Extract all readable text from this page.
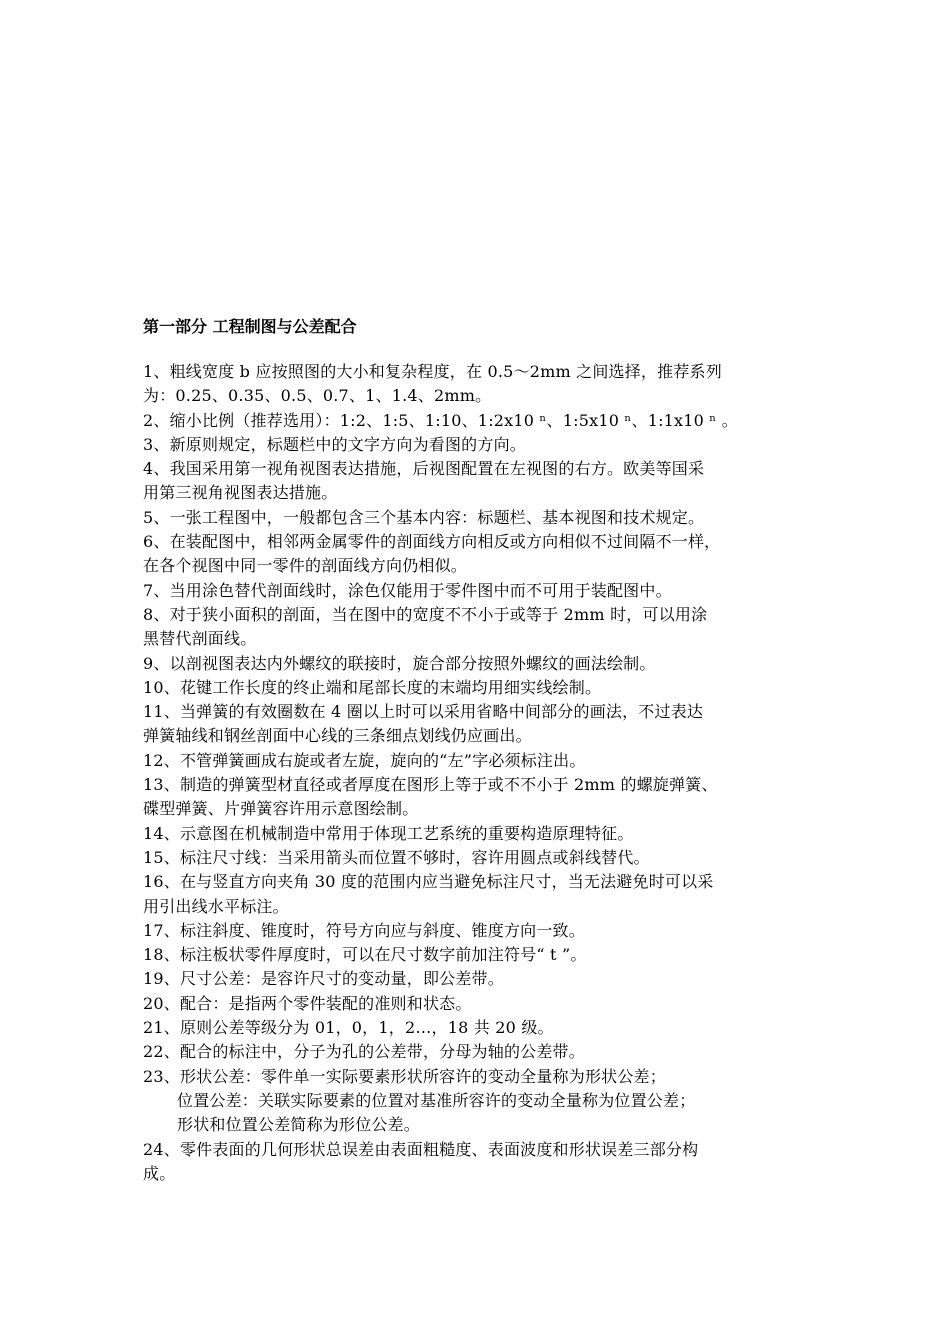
第一部分 工程制图与公差配合
1、粗线宽度 b 应按照图的大小和复杂程度，在 0.5～2mm 之间选择，推荐系列
为：0.25、0.35、0.5、0.7、1、1.4、2mm。
2、缩小比例（推荐选用）：1:2、1:5、1:10、1:2x10 ⁿ、1:5x10 ⁿ、1:1x10 ⁿ 。
3、新原则规定，标题栏中的文字方向为看图的方向。
4、我国采用第一视角视图表达措施，后视图配置在左视图的右方。欧美等国采
用第三视角视图表达措施。
5、一张工程图中，一般都包含三个基本内容：标题栏、基本视图和技术规定。
6、在装配图中，相邻两金属零件的剖面线方向相反或方向相似不过间隔不一样，
在各个视图中同一零件的剖面线方向仍相似。
7、当用涂色替代剖面线时，涂色仅能用于零件图中而不可用于装配图中。
8、对于狭小面积的剖面，当在图中的宽度不不小于或等于 2mm 时，可以用涂
黑替代剖面线。
9、以剖视图表达内外螺纹的联接时，旋合部分按照外螺纹的画法绘制。
10、花键工作长度的终止端和尾部长度的末端均用细实线绘制。
11、当弹簧的有效圈数在 4 圈以上时可以采用省略中间部分的画法，不过表达
弹簧轴线和钢丝剖面中心线的三条细点划线仍应画出。
12、不管弹簧画成右旋或者左旋，旋向的“左”字必须标注出。
13、制造的弹簧型材直径或者厚度在图形上等于或不不小于 2mm 的螺旋弹簧、
碟型弹簧、片弹簧容许用示意图绘制。
14、示意图在机械制造中常用于体现工艺系统的重要构造原理特征。
15、标注尺寸线：当采用箭头而位置不够时，容许用圆点或斜线替代。
16、在与竖直方向夹角 30 度的范围内应当避免标注尺寸，当无法避免时可以采
用引出线水平标注。
17、标注斜度、锥度时，符号方向应与斜度、锥度方向一致。
18、标注板状零件厚度时，可以在尺寸数字前加注符号“ t ”。
19、尺寸公差：是容许尺寸的变动量，即公差带。
20、配合：是指两个零件装配的准则和状态。
21、原则公差等级分为 01，0，1，2…，18 共 20 级。
22、配合的标注中，分子为孔的公差带，分母为轴的公差带。
23、形状公差：零件单一实际要素形状所容许的变动全量称为形状公差；
位置公差：关联实际要素的位置对基准所容许的变动全量称为位置公差；
形状和位置公差简称为形位公差。
24、零件表面的几何形状总误差由表面粗糙度、表面波度和形状误差三部分构
成。
